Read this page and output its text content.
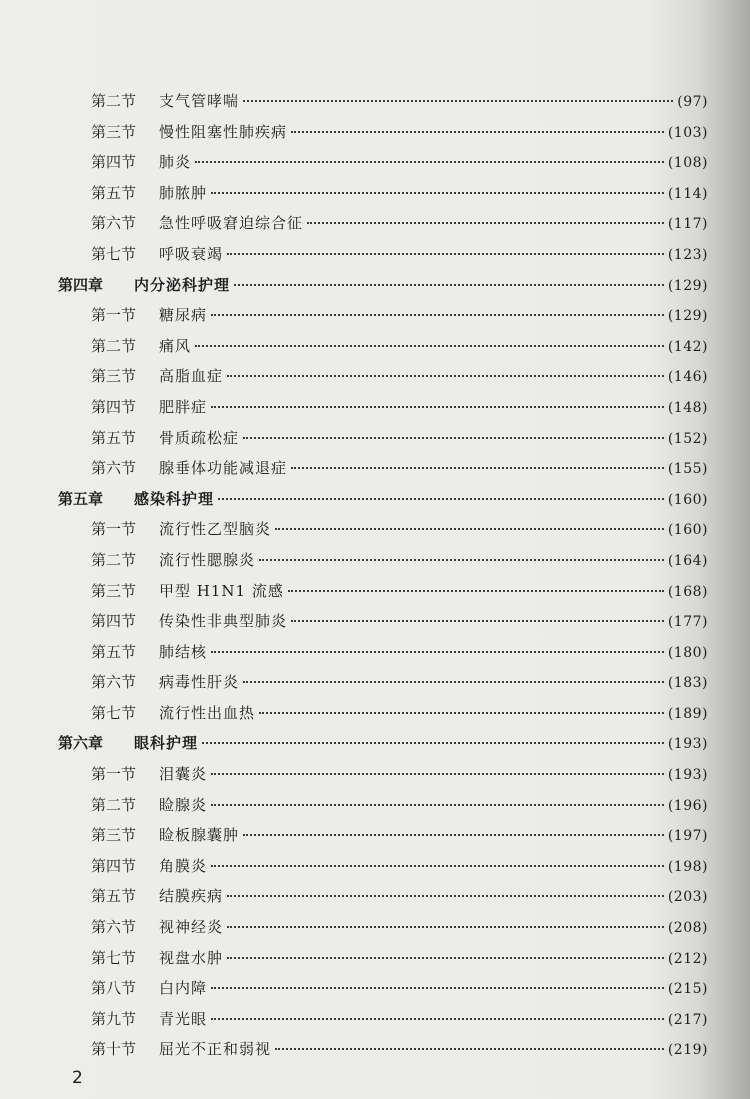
第二节	支气管哮喘	(97)
第三节	慢性阻塞性肺疾病	(103)
第四节	肺炎	(108)
第五节	肺脓肿	(114)
第六节	急性呼吸窘迫综合征	(117)
第七节	呼吸衰竭	(123)
第四章	内分泌科护理	(129)
第一节	糖尿病	(129)
第二节	痛风	(142)
第三节	高脂血症	(146)
第四节	肥胖症	(148)
第五节	骨质疏松症	(152)
第六节	腺垂体功能减退症	(155)
第五章	感染科护理	(160)
第一节	流行性乙型脑炎	(160)
第二节	流行性腮腺炎	(164)
第三节	甲型 H1N1 流感	(168)
第四节	传染性非典型肺炎	(177)
第五节	肺结核	(180)
第六节	病毒性肝炎	(183)
第七节	流行性出血热	(189)
第六章	眼科护理	(193)
第一节	泪囊炎	(193)
第二节	睑腺炎	(196)
第三节	睑板腺囊肿	(197)
第四节	角膜炎	(198)
第五节	结膜疾病	(203)
第六节	视神经炎	(208)
第七节	视盘水肿	(212)
第八节	白内障	(215)
第九节	青光眼	(217)
第十节	屈光不正和弱视	(219)
2
